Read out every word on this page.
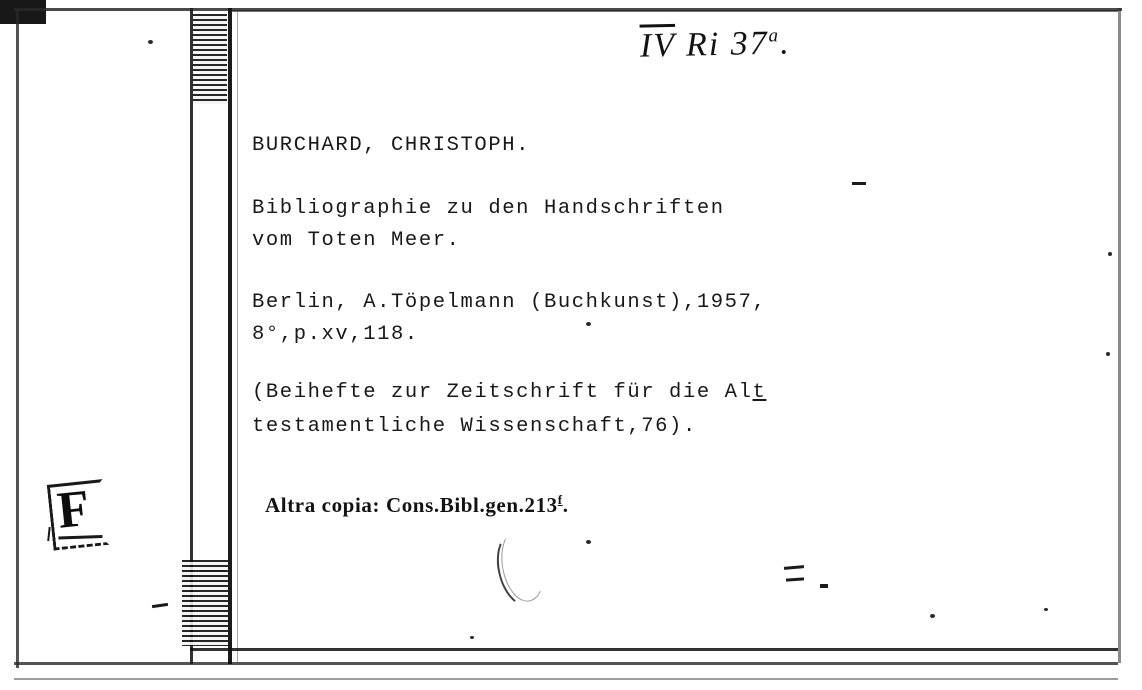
$\overline{IV}$ Ri 37$^a$.
BURCHARD, CHRISTOPH.
Bibliographie zu den Handschriften
vom Toten Meer.
Berlin, A.Töpelmann (Buchkunst),1957,
8°,p.xv,118.
(Beihefte zur Zeitschrift für die Alt
testamentliche Wissenschaft,76).
Altra copia: Cons.Bibl.gen.213$^f$.
F
